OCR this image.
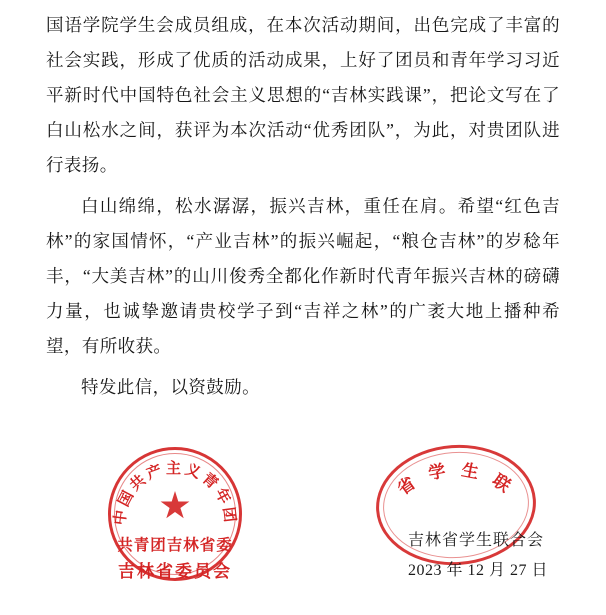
国语学院学生会成员组成，在本次活动期间，出色完成了丰富的社会实践，形成了优质的活动成果，上好了团员和青年学习习近平新时代中国特色社会主义思想的“吉林实践课”，把论文写在了白山松水之间，获评为本次活动“优秀团队”，为此，对贵团队进行表扬。

白山绵绵，松水潺潺，振兴吉林，重任在肩。希望“红色吉林”的家国情怀，“产业吉林”的振兴崛起，“粮仓吉林”的岁稔年丰，“大美吉林”的山川俊秀全都化作新时代青年振兴吉林的磅礴力量，也诚挚邀请贵校学子到“吉祥之林”的广袤大地上播种希望，有所收获。

特发此信，以资鼓励。

中国共产主义青年团
共青团吉林省委
吉林省委员会
省 学 生 联
吉林省学生联合会
2023 年 12 月 27 日
